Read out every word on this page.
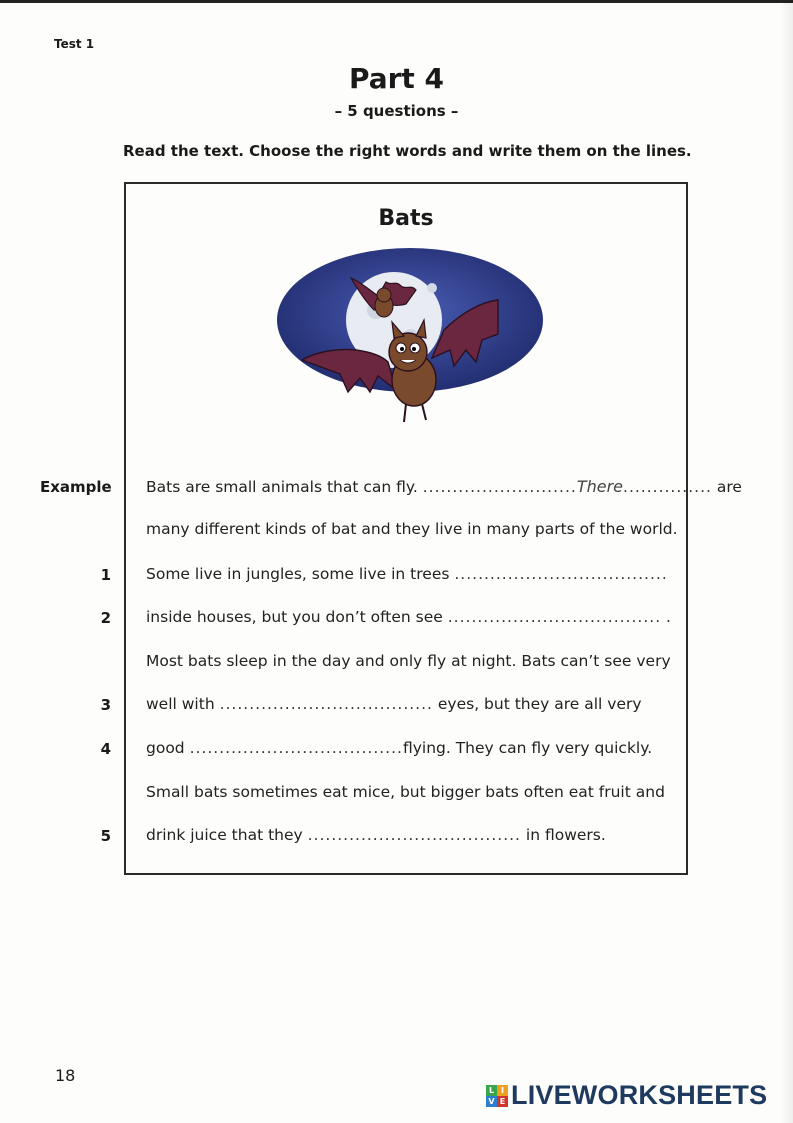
Test 1
Part 4
– 5 questions –
Read the text. Choose the right words and write them on the lines.
Bats
Example Bats are small animals that can fly. ..........................There............... are
many different kinds of bat and they live in many parts of the world.
1 Some live in jungles, some live in trees ....................................
2 inside houses, but you don’t often see .................................... .
Most bats sleep in the day and only fly at night. Bats can’t see very
3 well with .................................... eyes, but they are all very
4 good ....................................flying. They can fly very quickly.
Small bats sometimes eat mice, but bigger bats often eat fruit and
5 drink juice that they .................................... in flowers.
18
L I
V E LIVEWORKSHEETS
